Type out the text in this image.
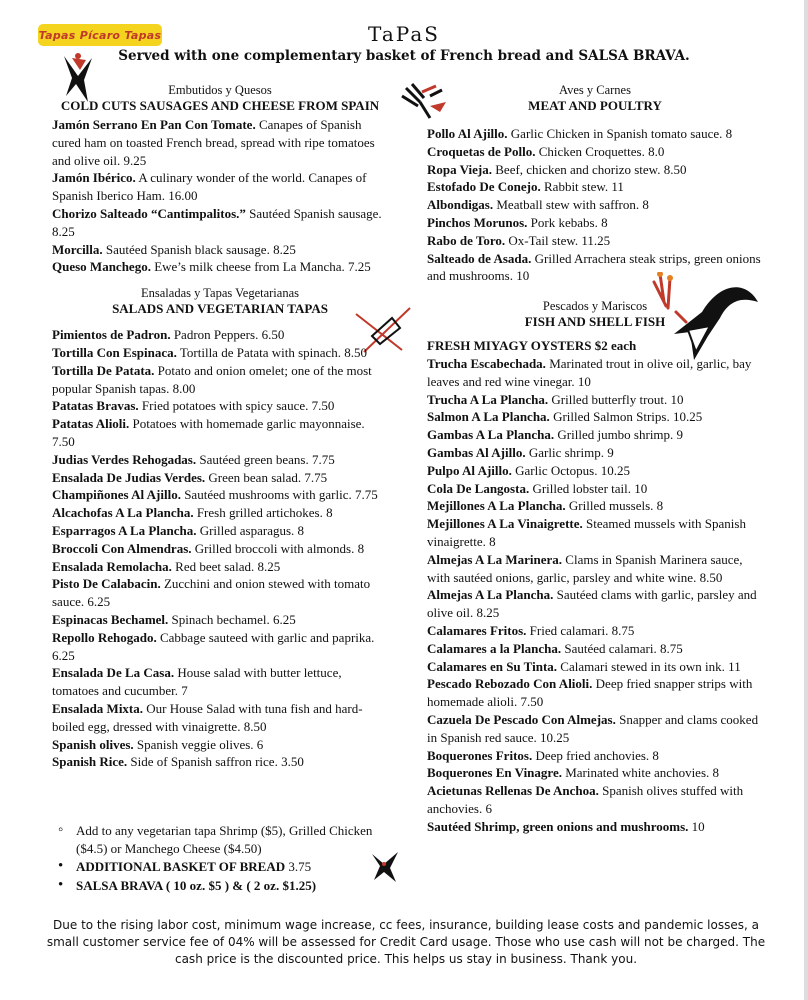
Tapas Pícaro Tapas	TaPaS
Served with one complementary basket of French bread and SALSA BRAVA.
Embutidos y Quesos
COLD CUTS SAUSAGES AND CHEESE FROM SPAIN
Jamón Serrano En Pan Con Tomate. Canapes of Spanish cured ham on toasted French bread, spread with ripe tomatoes and olive oil. 9.25
Jamón Ibérico. A culinary wonder of the world. Canapes of Spanish Iberico Ham. 16.00
Chorizo Salteado “Cantimpalitos.” Sautéed Spanish sausage. 8.25
Morcilla. Sautéed Spanish black sausage. 8.25
Queso Manchego. Ewe’s milk cheese from La Mancha. 7.25
Ensaladas y Tapas Vegetarianas
SALADS AND VEGETARIAN TAPAS
Pimientos de Padron. Padron Peppers. 6.50
Tortilla Con Espinaca. Tortilla de Patata with spinach. 8.50
Tortilla De Patata. Potato and onion omelet; one of the most popular Spanish tapas. 8.00
Patatas Bravas. Fried potatoes with spicy sauce. 7.50
Patatas Alioli. Potatoes with homemade garlic mayonnaise. 7.50
Judias Verdes Rehogadas. Sautéed green beans. 7.75
Ensalada De Judias Verdes. Green bean salad. 7.75
Champiñones Al Ajillo. Sautéed mushrooms with garlic. 7.75
Alcachofas A La Plancha. Fresh grilled artichokes. 8
Esparragos A La Plancha. Grilled asparagus. 8
Broccoli Con Almendras. Grilled broccoli with almonds. 8
Ensalada Remolacha. Red beet salad. 8.25
Pisto De Calabacin. Zucchini and onion stewed with tomato sauce. 6.25
Espinacas Bechamel. Spinach bechamel. 6.25
Repollo Rehogado. Cabbage sauteed with garlic and paprika. 6.25
Ensalada De La Casa. House salad with butter lettuce, tomatoes and cucumber. 7
Ensalada Mixta. Our House Salad with tuna fish and hard-boiled egg, dressed with vinaigrette. 8.50
Spanish olives. Spanish veggie olives. 6
Spanish Rice. Side of Spanish saffron rice. 3.50
Aves y Carnes
MEAT AND POULTRY
Pollo Al Ajillo. Garlic Chicken in Spanish tomato sauce. 8
Croquetas de Pollo. Chicken Croquettes. 8.0
Ropa Vieja. Beef, chicken and chorizo stew. 8.50
Estofado De Conejo. Rabbit stew. 11
Albondigas. Meatball stew with saffron. 8
Pinchos Morunos. Pork kebabs. 8
Rabo de Toro. Ox-Tail stew. 11.25
Salteado de Asada. Grilled Arrachera steak strips, green onions and mushrooms. 10
Pescados y Mariscos
FISH AND SHELL FISH
FRESH MIYAGY OYSTERS $2 each
Trucha Escabechada. Marinated trout in olive oil, garlic, bay leaves and red wine vinegar. 10
Trucha A La Plancha. Grilled butterfly trout. 10
Salmon A La Plancha. Grilled Salmon Strips. 10.25
Gambas A La Plancha. Grilled jumbo shrimp. 9
Gambas Al Ajillo. Garlic shrimp. 9
Pulpo Al Ajillo. Garlic Octopus. 10.25
Cola De Langosta. Grilled lobster tail. 10
Mejillones A La Plancha. Grilled mussels. 8
Mejillones A La Vinaigrette. Steamed mussels with Spanish vinaigrette. 8
Almejas A La Marinera. Clams in Spanish Marinera sauce, with sautéed onions, garlic, parsley and white wine. 8.50
Almejas A La Plancha. Sautéed clams with garlic, parsley and olive oil. 8.25
Calamares Fritos. Fried calamari. 8.75
Calamares a la Plancha. Sautéed calamari. 8.75
Calamares en Su Tinta. Calamari stewed in its own ink. 11
Pescado Rebozado Con Alioli. Deep fried snapper strips with homemade alioli. 7.50
Cazuela De Pescado Con Almejas. Snapper and clams cooked in Spanish red sauce. 10.25
Boquerones Fritos. Deep fried anchovies. 8
Boquerones En Vinagre. Marinated white anchovies. 8
Acietunas Rellenas De Anchoa. Spanish olives stuffed with anchovies. 6
Sautéed Shrimp, green onions and mushrooms. 10
◦ Add to any vegetarian tapa Shrimp ($5), Grilled Chicken ($4.5) or Manchego Cheese ($4.50)
• ADDITIONAL BASKET OF BREAD 3.75
• SALSA BRAVA ( 10 oz. $5 ) & ( 2 oz. $1.25)
Due to the rising labor cost, minimum wage increase, cc fees, insurance, building lease costs and pandemic losses, a small customer service fee of 04% will be assessed for Credit Card usage. Those who use cash will not be charged. The cash price is the discounted price. This helps us stay in business. Thank you.
